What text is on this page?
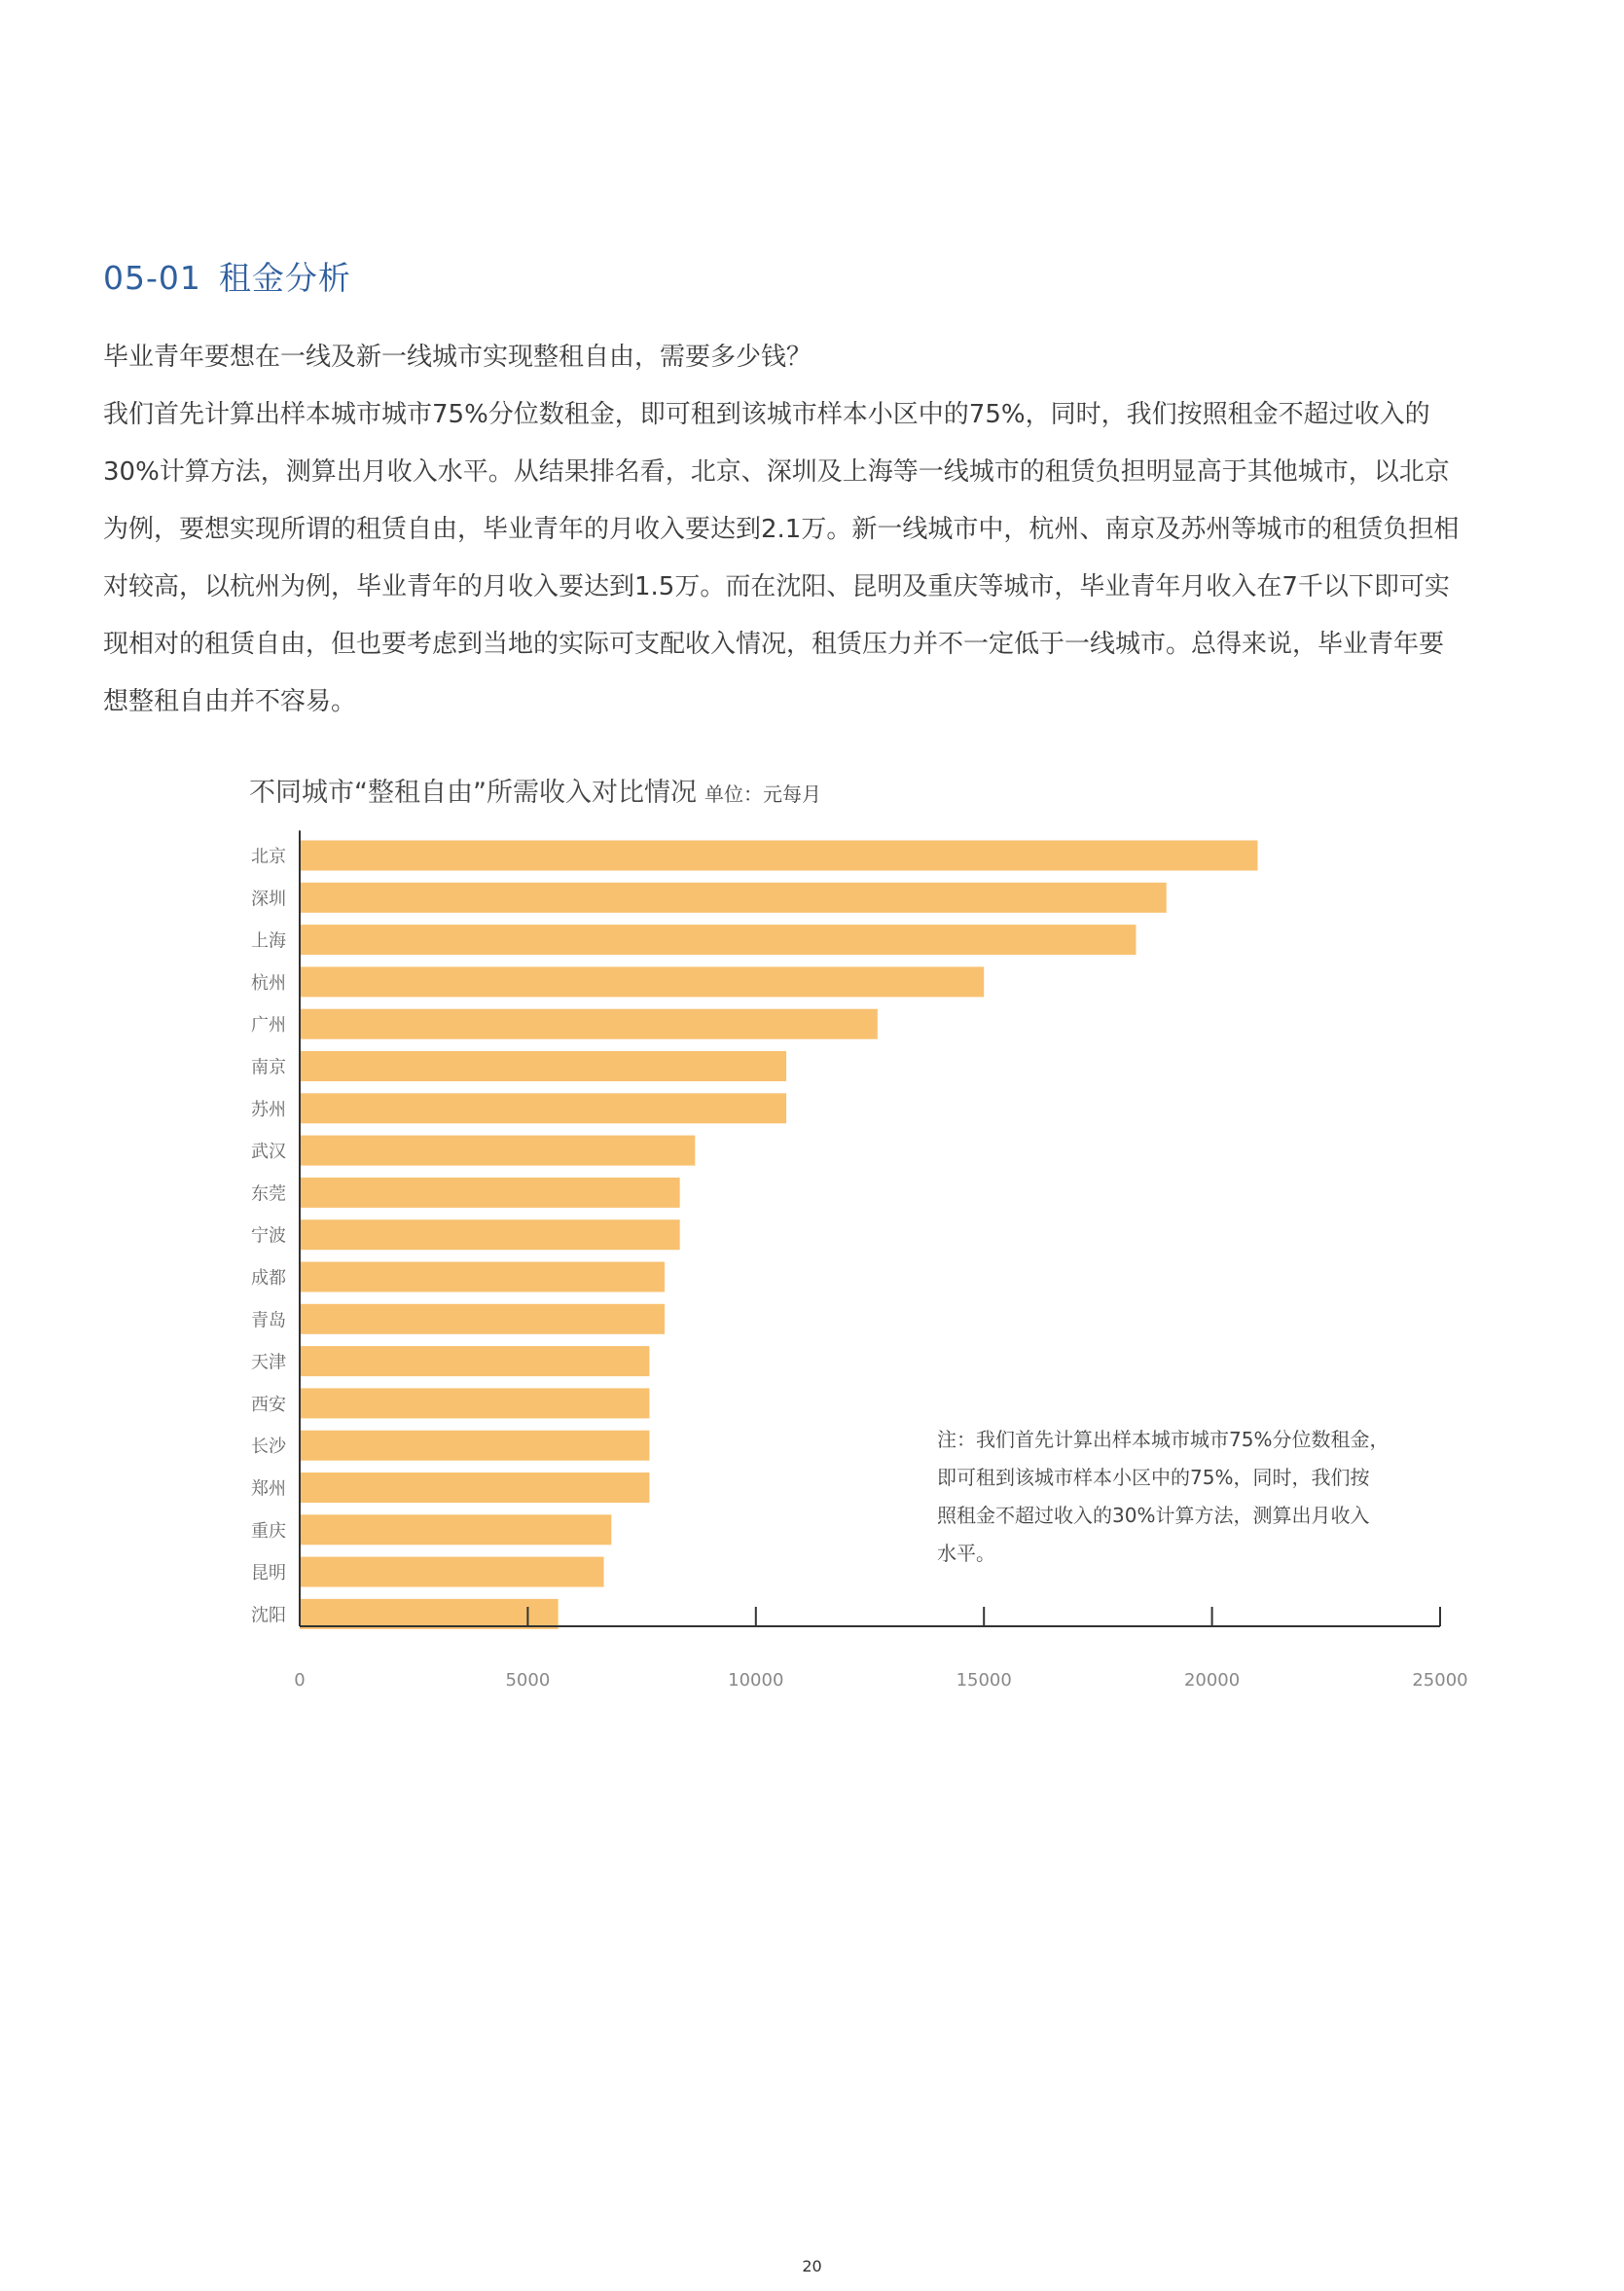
05-01 租金分析

毕业青年要想在一线及新一线城市实现整租自由，需要多少钱？

我们首先计算出样本城市城市75%分位数租金，即可租到该城市样本小区中的75%，同时，我们按照租金不超过收入的

30%计算方法，测算出月收入水平。从结果排名看，北京、深圳及上海等一线城市的租赁负担明显高于其他城市，以北京

为例，要想实现所谓的租赁自由，毕业青年的月收入要达到2.1万。新一线城市中，杭州、南京及苏州等城市的租赁负担相

对较高，以杭州为例，毕业青年的月收入要达到1.5万。而在沈阳、昆明及重庆等城市，毕业青年月收入在7千以下即可实

现相对的租赁自由，但也要考虑到当地的实际可支配收入情况，租赁压力并不一定低于一线城市。总得来说，毕业青年要

想整租自由并不容易。

不同城市“整租自由”所需收入对比情况 单位：元每月
北京
深圳
上海
杭州
广州
南京
苏州
武汉
东莞
宁波
成都
青岛
天津
西安
长沙
郑州
重庆
昆明
沈阳
0	5000	10000	15000	20000	25000

注：我们首先计算出样本城市城市75%分位数租金，

即可租到该城市样本小区中的75%，同时，我们按

照租金不超过收入的30%计算方法，测算出月收入

水平。

20
